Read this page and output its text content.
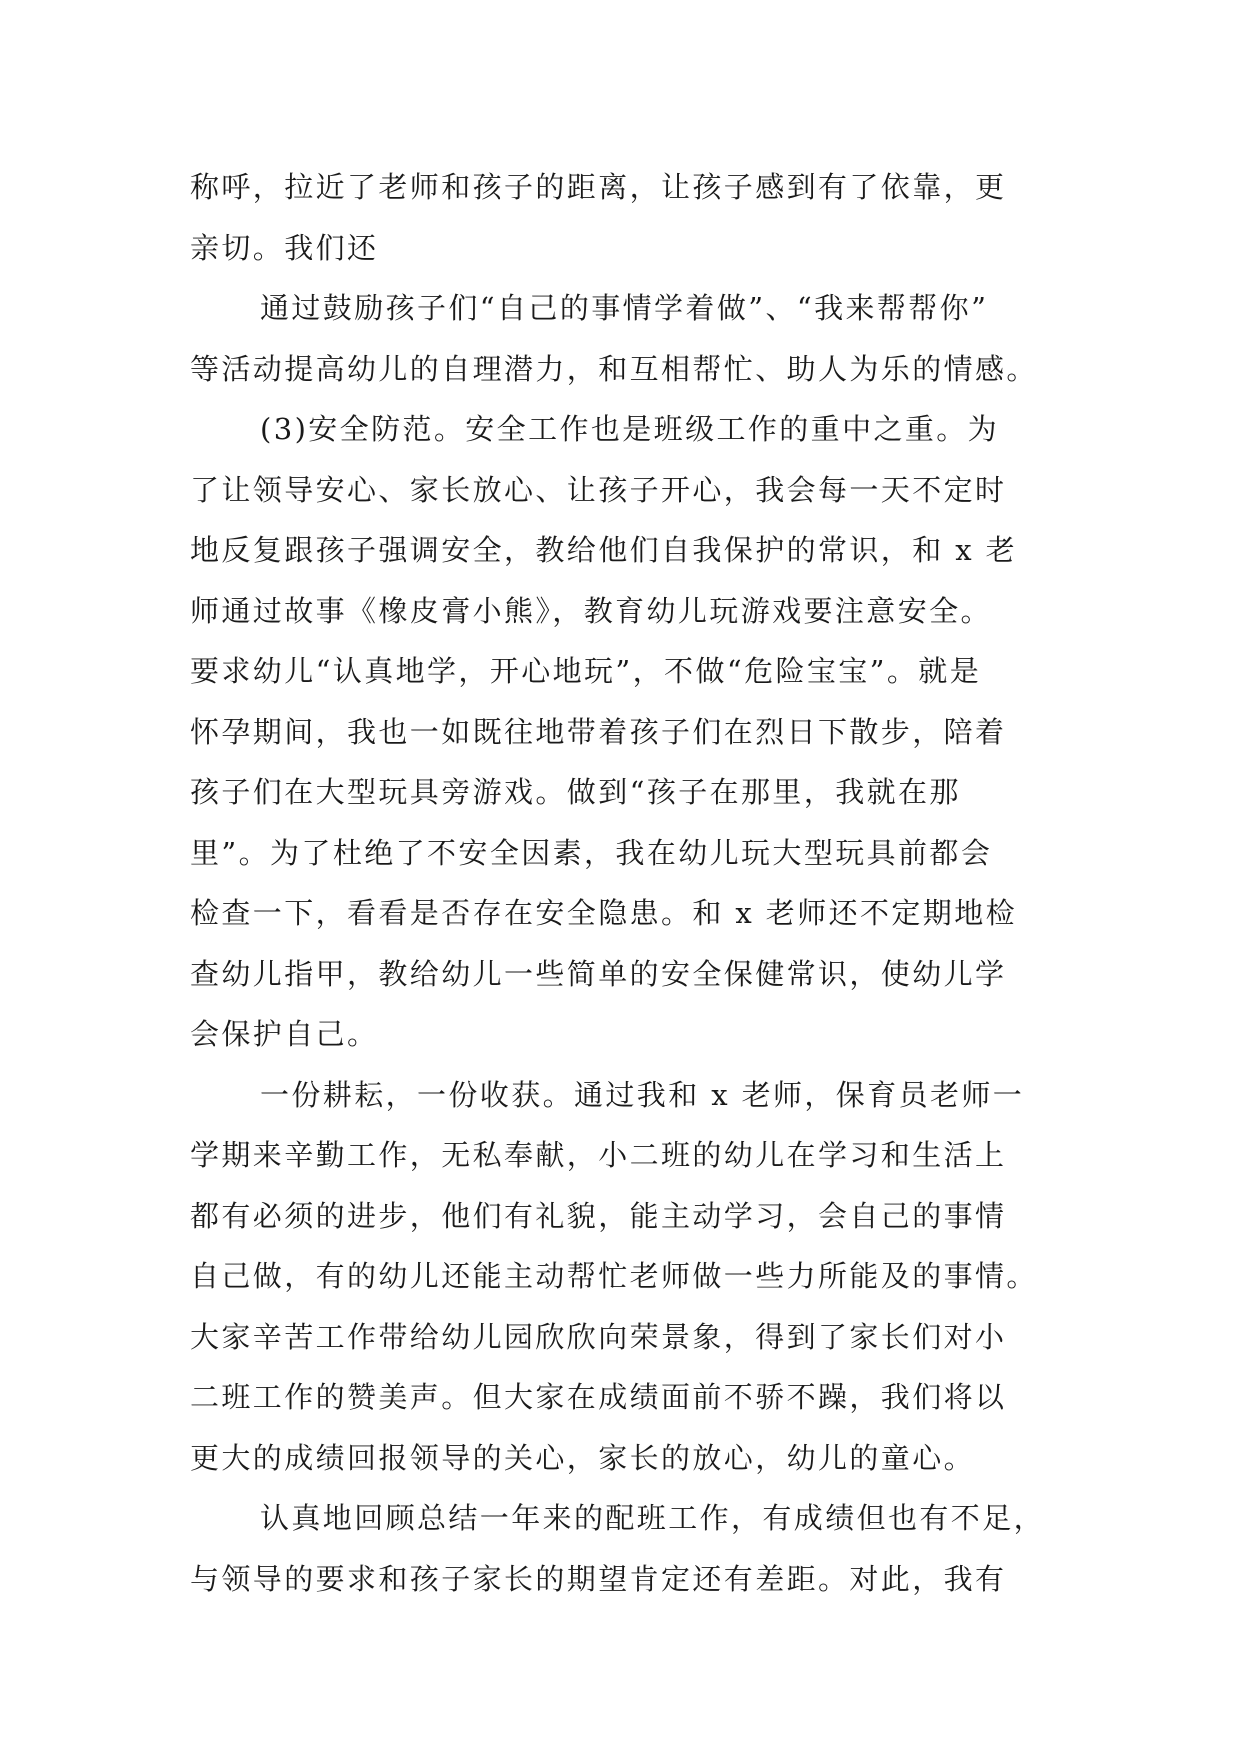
称呼，拉近了老师和孩子的距离，让孩子感到有了依靠，更
亲切。我们还
通过鼓励孩子们“自己的事情学着做”、“我来帮帮你”
等活动提高幼儿的自理潜力，和互相帮忙、助人为乐的情感。
(3)安全防范。安全工作也是班级工作的重中之重。为
了让领导安心、家长放心、让孩子开心，我会每一天不定时
地反复跟孩子强调安全，教给他们自我保护的常识，和 x 老
师通过故事《橡皮膏小熊》，教育幼儿玩游戏要注意安全。
要求幼儿“认真地学，开心地玩”，不做“危险宝宝”。就是
怀孕期间，我也一如既往地带着孩子们在烈日下散步，陪着
孩子们在大型玩具旁游戏。做到“孩子在那里，我就在那
里”。为了杜绝了不安全因素，我在幼儿玩大型玩具前都会
检查一下，看看是否存在安全隐患。和 x 老师还不定期地检
查幼儿指甲，教给幼儿一些简单的安全保健常识，使幼儿学
会保护自己。
一份耕耘，一份收获。通过我和 x 老师，保育员老师一
学期来辛勤工作，无私奉献，小二班的幼儿在学习和生活上
都有必须的进步，他们有礼貌，能主动学习，会自己的事情
自己做，有的幼儿还能主动帮忙老师做一些力所能及的事情。
大家辛苦工作带给幼儿园欣欣向荣景象，得到了家长们对小
二班工作的赞美声。但大家在成绩面前不骄不躁，我们将以
更大的成绩回报领导的关心，家长的放心，幼儿的童心。
认真地回顾总结一年来的配班工作，有成绩但也有不足，
与领导的要求和孩子家长的期望肯定还有差距。对此，我有
